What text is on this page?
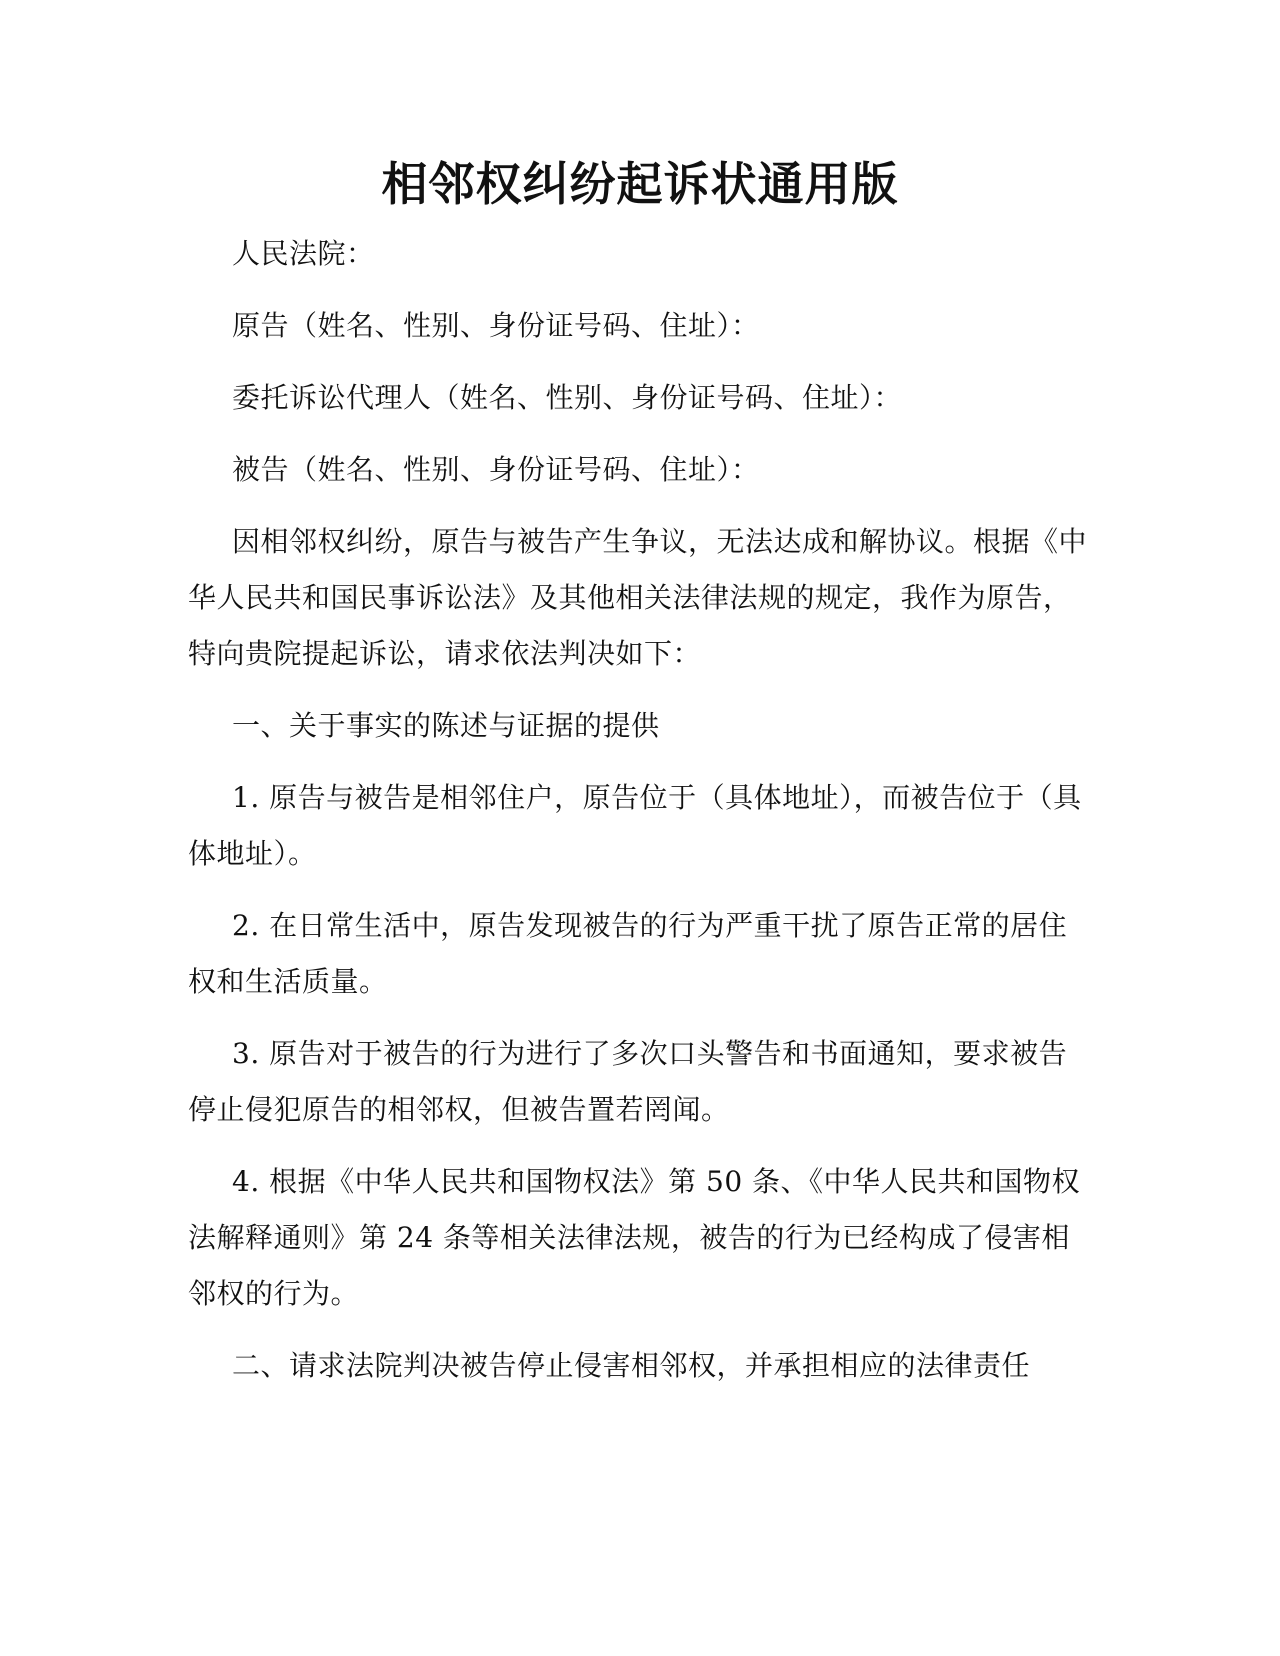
相邻权纠纷起诉状通用版
人民法院：
原告（姓名、性别、身份证号码、住址）：
委托诉讼代理人（姓名、性别、身份证号码、住址）：
被告（姓名、性别、身份证号码、住址）：
因相邻权纠纷，原告与被告产生争议，无法达成和解协议。根据《中华人民共和国民事诉讼法》及其他相关法律法规的规定，我作为原告，特向贵院提起诉讼，请求依法判决如下：
一、关于事实的陈述与证据的提供
1. 原告与被告是相邻住户，原告位于（具体地址），而被告位于（具体地址）。
2. 在日常生活中，原告发现被告的行为严重干扰了原告正常的居住权和生活质量。
3. 原告对于被告的行为进行了多次口头警告和书面通知，要求被告停止侵犯原告的相邻权，但被告置若罔闻。
4. 根据《中华人民共和国物权法》第 50 条、《中华人民共和国物权法解释通则》第 24 条等相关法律法规，被告的行为已经构成了侵害相邻权的行为。
二、请求法院判决被告停止侵害相邻权，并承担相应的法律责任
